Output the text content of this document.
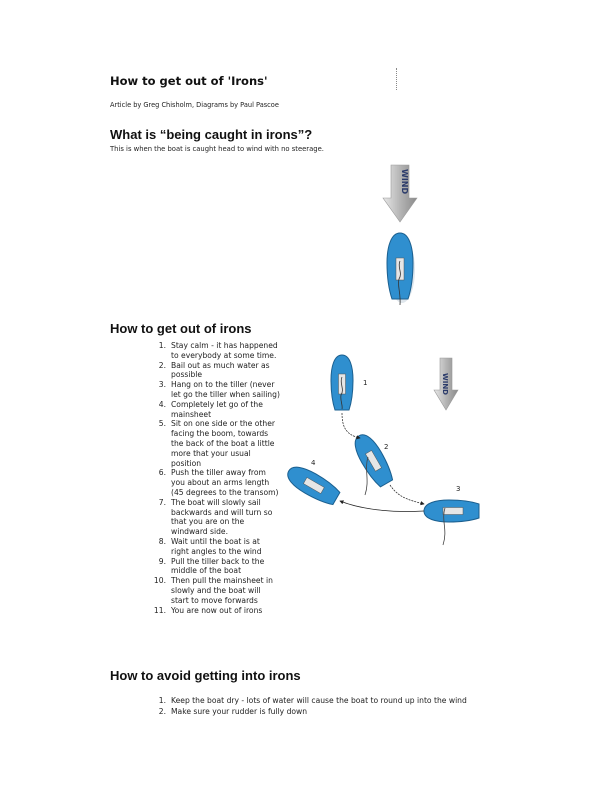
How to get out of 'Irons'
Article by Greg Chisholm, Diagrams by Paul Pascoe
What is “being caught in irons”?
This is when the boat is caught head to wind with no steerage.
WIND
How to get out of irons
1. Stay calm - it has happened to everybody at some time.
2. Bail out as much water as possible
3. Hang on to the tiller (never let go the tiller when sailing)
4. Completely let go of the mainsheet
5. Sit on one side or the other facing the boom, towards the back of the boat a little more that your usual position
6. Push the tiller away from you about an arms length (45 degrees to the transom)
7. The boat will slowly sail backwards and will turn so that you are on the windward side.
8. Wait until the boat is at right angles to the wind
9. Pull the tiller back to the middle of the boat
10. Then pull the mainsheet in slowly and the boat will start to move forwards
11. You are now out of irons
WIND
1
2
3
4
How to avoid getting into irons
1. Keep the boat dry - lots of water will cause the boat to round up into the wind
2. Make sure your rudder is fully down
